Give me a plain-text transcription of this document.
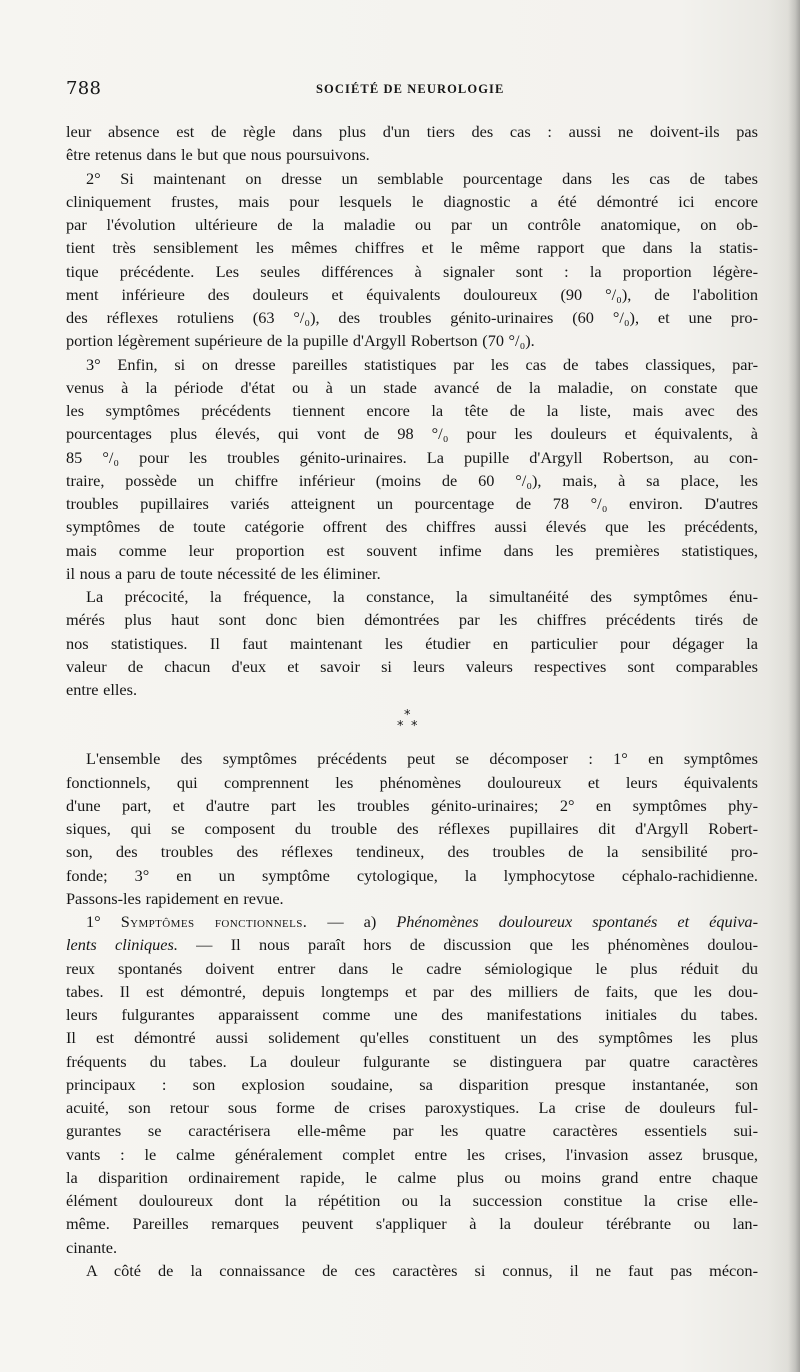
788	SOCIÉTÉ DE NEUROLOGIE
leur absence est de règle dans plus d'un tiers des cas : aussi ne doivent-ils pas
être retenus dans le but que nous poursuivons.
2° Si maintenant on dresse un semblable pourcentage dans les cas de tabes
cliniquement frustes, mais pour lesquels le diagnostic a été démontré ici encore
par l'évolution ultérieure de la maladie ou par un contrôle anatomique, on ob-
tient très sensiblement les mêmes chiffres et le même rapport que dans la statis-
tique précédente. Les seules différences à signaler sont : la proportion légère-
ment inférieure des douleurs et équivalents douloureux (90 °/₀), de l'abolition
des réflexes rotuliens (63 °/₀), des troubles génito-urinaires (60 °/₀), et une pro-
portion légèrement supérieure de la pupille d'Argyll Robertson (70 °/₀).
3° Enfin, si on dresse pareilles statistiques par les cas de tabes classiques, par-
venus à la période d'état ou à un stade avancé de la maladie, on constate que
les symptômes précédents tiennent encore la tête de la liste, mais avec des
pourcentages plus élevés, qui vont de 98 °/₀ pour les douleurs et équivalents, à
85 °/₀ pour les troubles génito-urinaires. La pupille d'Argyll Robertson, au con-
traire, possède un chiffre inférieur (moins de 60 °/₀), mais, à sa place, les
troubles pupillaires variés atteignent un pourcentage de 78 °/₀ environ. D'autres
symptômes de toute catégorie offrent des chiffres aussi élevés que les précédents,
mais comme leur proportion est souvent infime dans les premières statistiques,
il nous a paru de toute nécessité de les éliminer.
La précocité, la fréquence, la constance, la simultanéité des symptômes énu-
mérés plus haut sont donc bien démontrées par les chiffres précédents tirés de
nos statistiques. Il faut maintenant les étudier en particulier pour dégager la
valeur de chacun d'eux et savoir si leurs valeurs respectives sont comparables
entre elles.
*
* *
L'ensemble des symptômes précédents peut se décomposer : 1° en symptômes
fonctionnels, qui comprennent les phénomènes douloureux et leurs équivalents
d'une part, et d'autre part les troubles génito-urinaires; 2° en symptômes phy-
siques, qui se composent du trouble des réflexes pupillaires dit d'Argyll Robert-
son, des troubles des réflexes tendineux, des troubles de la sensibilité pro-
fonde; 3° en un symptôme cytologique, la lymphocytose céphalo-rachidienne.
Passons-les rapidement en revue.
1° Symptômes fonctionnels. — a) Phénomènes douloureux spontanés et équiva-
lents cliniques. — Il nous paraît hors de discussion que les phénomènes doulou-
reux spontanés doivent entrer dans le cadre sémiologique le plus réduit du
tabes. Il est démontré, depuis longtemps et par des milliers de faits, que les dou-
leurs fulgurantes apparaissent comme une des manifestations initiales du tabes.
Il est démontré aussi solidement qu'elles constituent un des symptômes les plus
fréquents du tabes. La douleur fulgurante se distinguera par quatre caractères
principaux : son explosion soudaine, sa disparition presque instantanée, son
acuité, son retour sous forme de crises paroxystiques. La crise de douleurs ful-
gurantes se caractérisera elle-même par les quatre caractères essentiels sui-
vants : le calme généralement complet entre les crises, l'invasion assez brusque,
la disparition ordinairement rapide, le calme plus ou moins grand entre chaque
élément douloureux dont la répétition ou la succession constitue la crise elle-
même. Pareilles remarques peuvent s'appliquer à la douleur térébrante ou lan-
cinante.
A côté de la connaissance de ces caractères si connus, il ne faut pas mécon-
